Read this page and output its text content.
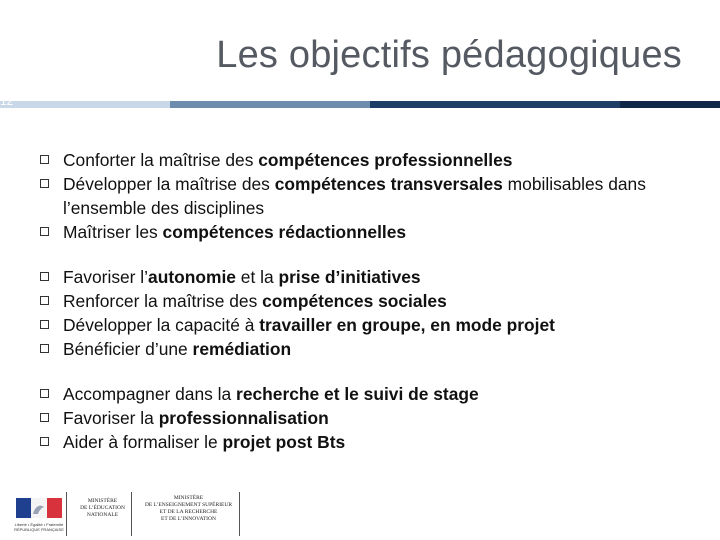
Les objectifs pédagogiques
12
Conforter la maîtrise des compétences professionnelles
Développer la maîtrise des compétences transversales mobilisables dans l’ensemble des disciplines
Maîtriser les compétences rédactionnelles
Favoriser l’autonomie et la prise d’initiatives
Renforcer la maîtrise des compétences sociales
Développer la capacité à travailler en groupe, en mode projet
Bénéficier d’une remédiation
Accompagner dans la recherche et le suivi de stage
Favoriser la professionnalisation
Aider à formaliser le projet post Bts
Liberté • Égalité • Fraternité RÉPUBLIQUE FRANÇAISE
MINISTÈRE
DE L’ÉDUCATION
NATIONALE
MINISTÈRE
DE L’ENSEIGNEMENT SUPÉRIEUR
ET DE LA RECHERCHE
ET DE L’INNOVATION
